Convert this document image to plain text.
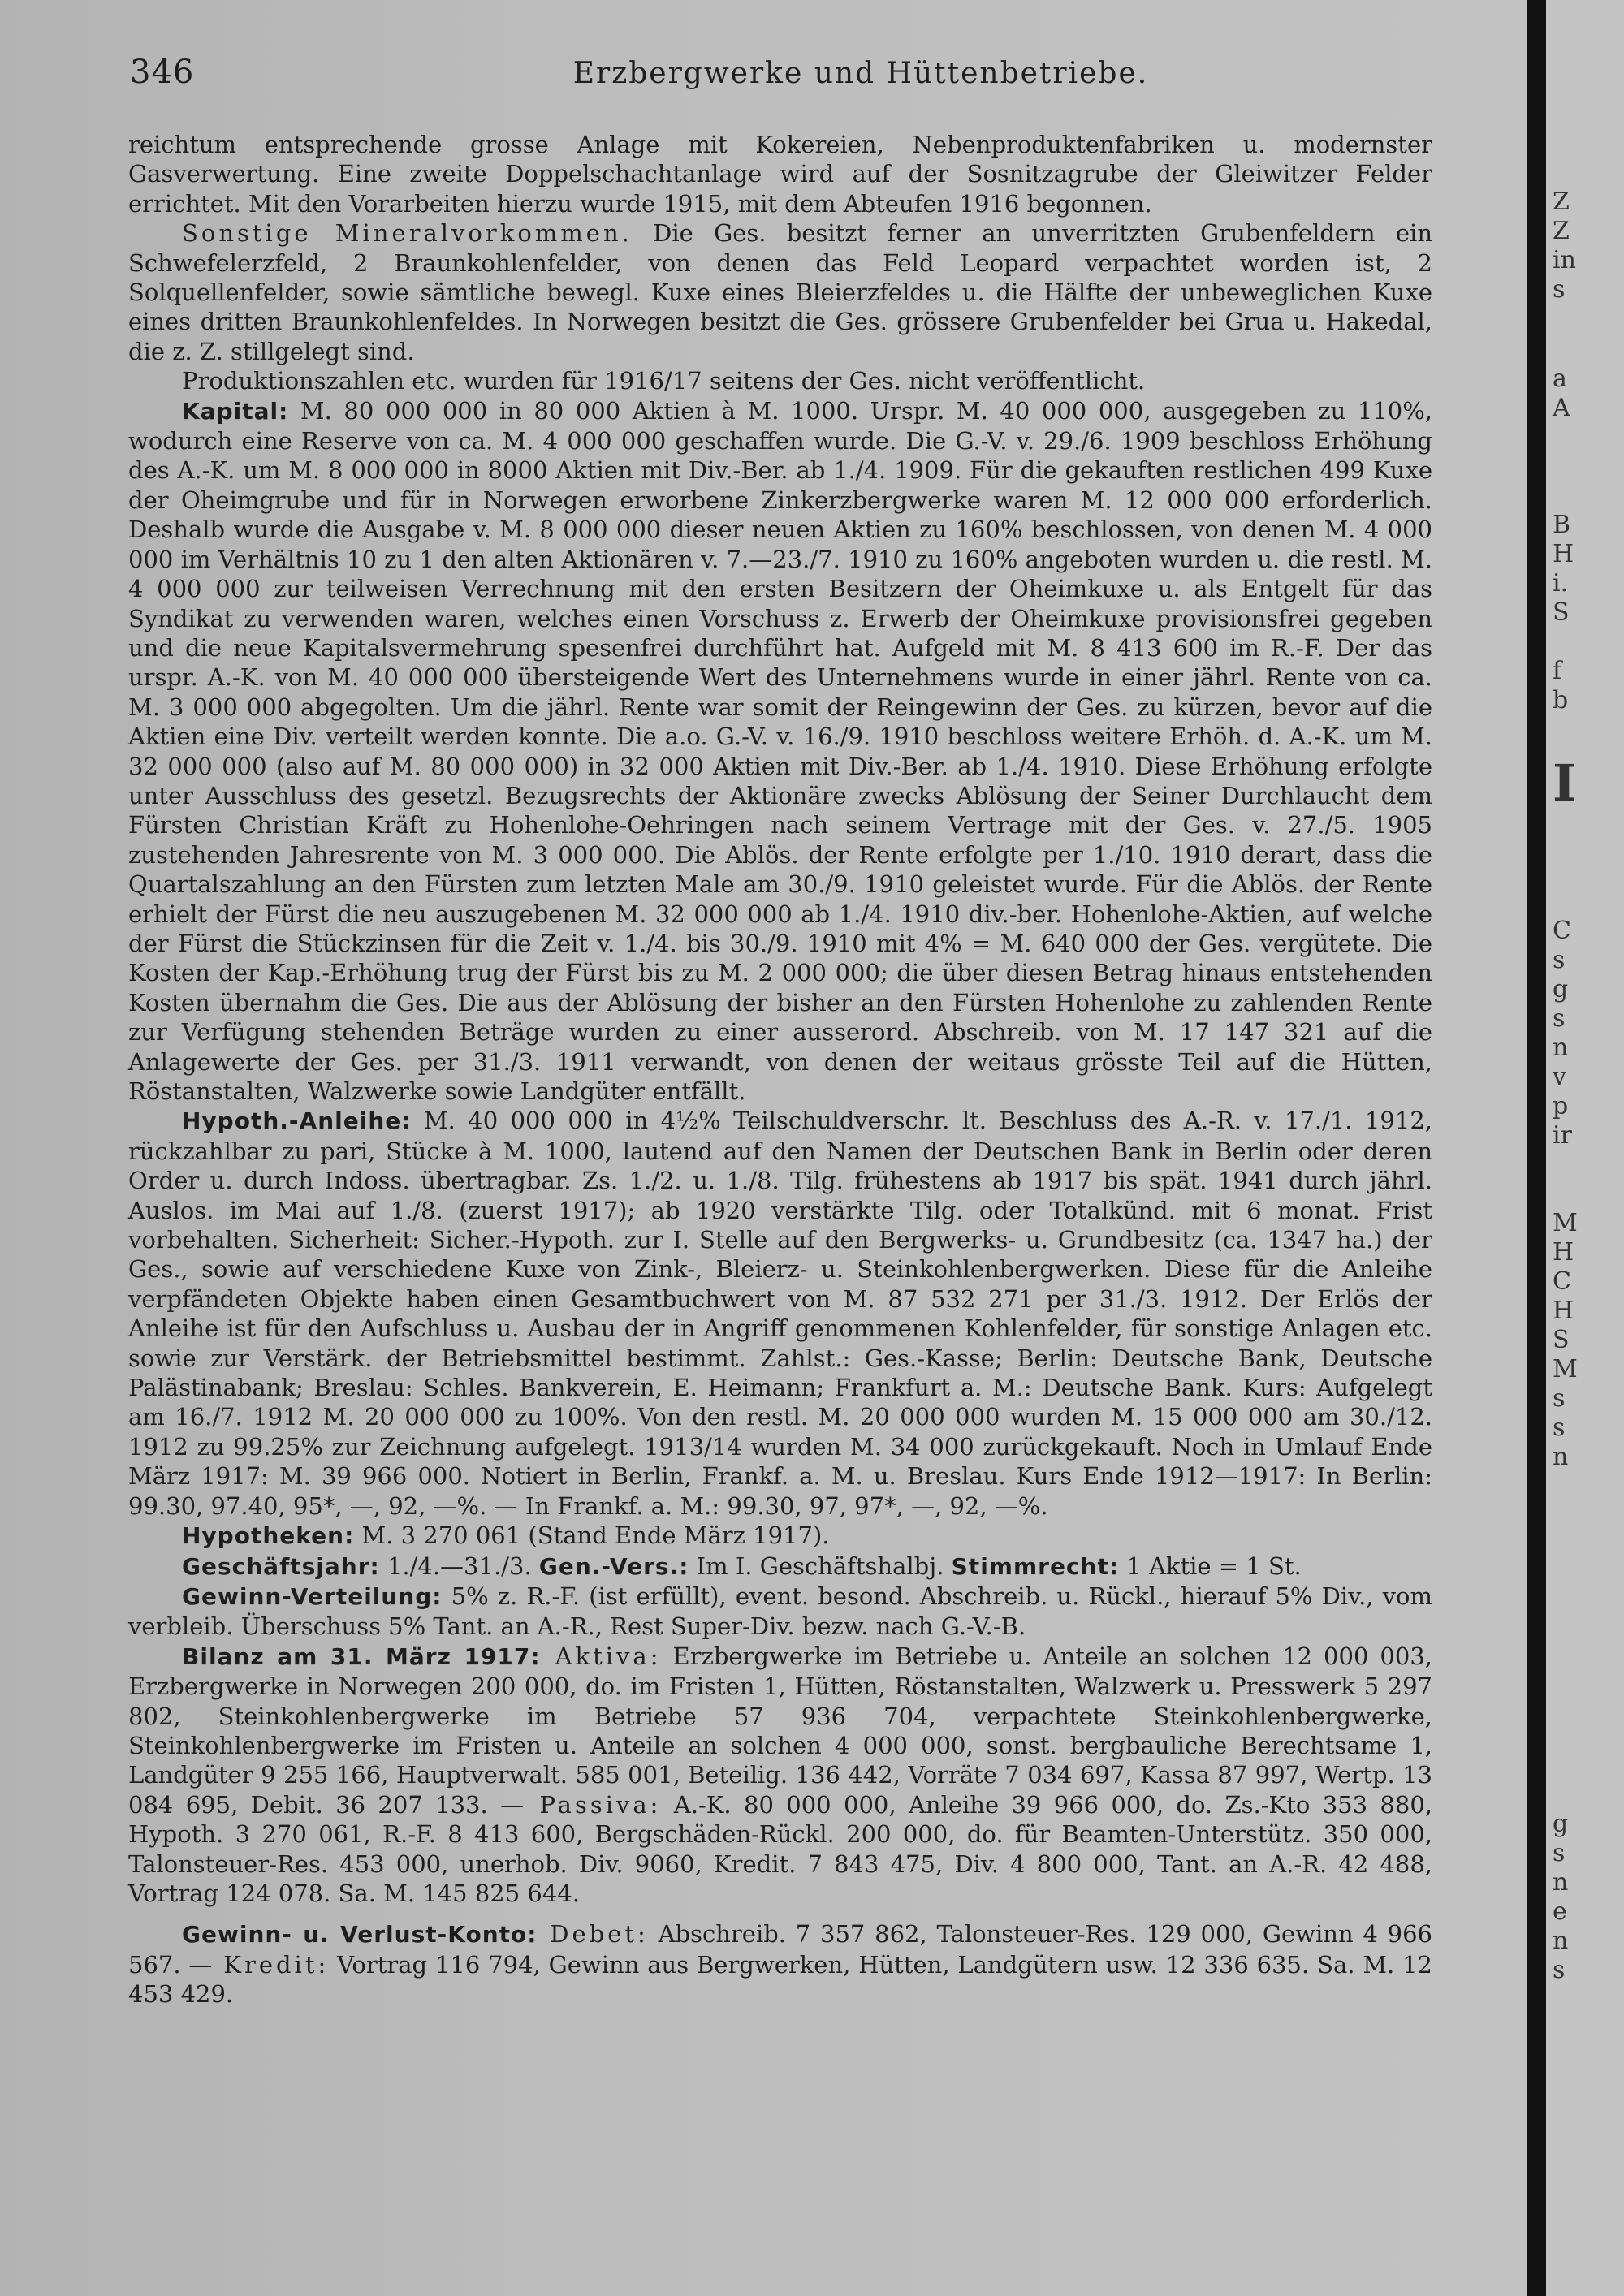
346	Erzbergwerke und Hüttenbetriebe.

reichtum entsprechende grosse Anlage mit Kokereien, Nebenproduktenfabriken u. modernster Gasverwertung. Eine zweite Doppelschachtanlage wird auf der Sosnitzagrube der Gleiwitzer Felder errichtet. Mit den Vorarbeiten hierzu wurde 1915, mit dem Abteufen 1916 begonnen.

Sonstige Mineralvorkommen. Die Ges. besitzt ferner an unverritzten Grubenfeldern ein Schwefelerzfeld, 2 Braunkohlenfelder, von denen das Feld Leopard verpachtet worden ist, 2 Solquellenfelder, sowie sämtliche bewegl. Kuxe eines Bleierzfeldes u. die Hälfte der unbeweglichen Kuxe eines dritten Braunkohlenfeldes. In Norwegen besitzt die Ges. grössere Grubenfelder bei Grua u. Hakedal, die z. Z. stillgelegt sind.

Produktionszahlen etc. wurden für 1916/17 seitens der Ges. nicht veröffentlicht.

Kapital: M. 80 000 000 in 80 000 Aktien à M. 1000. Urspr. M. 40 000 000, ausgegeben zu 110%, wodurch eine Reserve von ca. M. 4 000 000 geschaffen wurde. Die G.-V. v. 29./6. 1909 beschloss Erhöhung des A.-K. um M. 8 000 000 in 8000 Aktien mit Div.-Ber. ab 1./4. 1909. Für die gekauften restlichen 499 Kuxe der Oheimgrube und für in Norwegen erworbene Zinkerzbergwerke waren M. 12 000 000 erforderlich. Deshalb wurde die Ausgabe v. M. 8 000 000 dieser neuen Aktien zu 160% beschlossen, von denen M. 4 000 000 im Verhältnis 10 zu 1 den alten Aktionären v. 7.—23./7. 1910 zu 160% angeboten wurden u. die restl. M. 4 000 000 zur teilweisen Verrechnung mit den ersten Besitzern der Oheimkuxe u. als Entgelt für das Syndikat zu verwenden waren, welches einen Vorschuss z. Erwerb der Oheimkuxe provisionsfrei gegeben und die neue Kapitalsvermehrung spesenfrei durchführt hat. Aufgeld mit M. 8 413 600 im R.-F. Der das urspr. A.-K. von M. 40 000 000 übersteigende Wert des Unternehmens wurde in einer jährl. Rente von ca. M. 3 000 000 abgegolten. Um die jährl. Rente war somit der Reingewinn der Ges. zu kürzen, bevor auf die Aktien eine Div. verteilt werden konnte. Die a.o. G.-V. v. 16./9. 1910 beschloss weitere Erhöh. d. A.-K. um M. 32 000 000 (also auf M. 80 000 000) in 32 000 Aktien mit Div.-Ber. ab 1./4. 1910. Diese Erhöhung erfolgte unter Ausschluss des gesetzl. Bezugsrechts der Aktionäre zwecks Ablösung der Seiner Durchlaucht dem Fürsten Christian Kräft zu Hohenlohe-Oehringen nach seinem Vertrage mit der Ges. v. 27./5. 1905 zustehenden Jahresrente von M. 3 000 000. Die Ablös. der Rente erfolgte per 1./10. 1910 derart, dass die Quartalszahlung an den Fürsten zum letzten Male am 30./9. 1910 geleistet wurde. Für die Ablös. der Rente erhielt der Fürst die neu auszugebenen M. 32 000 000 ab 1./4. 1910 div.-ber. Hohenlohe-Aktien, auf welche der Fürst die Stückzinsen für die Zeit v. 1./4. bis 30./9. 1910 mit 4% = M. 640 000 der Ges. vergütete. Die Kosten der Kap.-Erhöhung trug der Fürst bis zu M. 2 000 000; die über diesen Betrag hinaus entstehenden Kosten übernahm die Ges. Die aus der Ablösung der bisher an den Fürsten Hohenlohe zu zahlenden Rente zur Verfügung stehenden Beträge wurden zu einer ausserord. Abschreib. von M. 17 147 321 auf die Anlagewerte der Ges. per 31./3. 1911 verwandt, von denen der weitaus grösste Teil auf die Hütten, Röstanstalten, Walzwerke sowie Landgüter entfällt.

Hypoth.-Anleihe: M. 40 000 000 in 4½% Teilschuldverschr. lt. Beschluss des A.-R. v. 17./1. 1912, rückzahlbar zu pari, Stücke à M. 1000, lautend auf den Namen der Deutschen Bank in Berlin oder deren Order u. durch Indoss. übertragbar. Zs. 1./2. u. 1./8. Tilg. frühestens ab 1917 bis spät. 1941 durch jährl. Auslos. im Mai auf 1./8. (zuerst 1917); ab 1920 verstärkte Tilg. oder Totalkünd. mit 6 monat. Frist vorbehalten. Sicherheit: Sicher.-Hypoth. zur I. Stelle auf den Bergwerks- u. Grundbesitz (ca. 1347 ha.) der Ges., sowie auf verschiedene Kuxe von Zink-, Bleierz- u. Steinkohlenbergwerken. Diese für die Anleihe verpfändeten Objekte haben einen Gesamtbuchwert von M. 87 532 271 per 31./3. 1912. Der Erlös der Anleihe ist für den Aufschluss u. Ausbau der in Angriff genommenen Kohlenfelder, für sonstige Anlagen etc. sowie zur Verstärk. der Betriebsmittel bestimmt. Zahlst.: Ges.-Kasse; Berlin: Deutsche Bank, Deutsche Palästinabank; Breslau: Schles. Bankverein, E. Heimann; Frankfurt a. M.: Deutsche Bank. Kurs: Aufgelegt am 16./7. 1912 M. 20 000 000 zu 100%. Von den restl. M. 20 000 000 wurden M. 15 000 000 am 30./12. 1912 zu 99.25% zur Zeichnung aufgelegt. 1913/14 wurden M. 34 000 zurückgekauft. Noch in Umlauf Ende März 1917: M. 39 966 000. Notiert in Berlin, Frankf. a. M. u. Breslau. Kurs Ende 1912—1917: In Berlin: 99.30, 97.40, 95*, —, 92, —%. — In Frankf. a. M.: 99.30, 97, 97*, —, 92, —%.

Hypotheken: M. 3 270 061 (Stand Ende März 1917).

Geschäftsjahr: 1./4.—31./3. Gen.-Vers.: Im I. Geschäftshalbj. Stimmrecht: 1 Aktie = 1 St.

Gewinn-Verteilung: 5% z. R.-F. (ist erfüllt), event. besond. Abschreib. u. Rückl., hierauf 5% Div., vom verbleib. Überschuss 5% Tant. an A.-R., Rest Super-Div. bezw. nach G.-V.-B.

Bilanz am 31. März 1917: Aktiva: Erzbergwerke im Betriebe u. Anteile an solchen 12 000 003, Erzbergwerke in Norwegen 200 000, do. im Fristen 1, Hütten, Röstanstalten, Walzwerk u. Presswerk 5 297 802, Steinkohlenbergwerke im Betriebe 57 936 704, verpachtete Steinkohlenbergwerke, Steinkohlenbergwerke im Fristen u. Anteile an solchen 4 000 000, sonst. bergbauliche Berechtsame 1, Landgüter 9 255 166, Hauptverwalt. 585 001, Beteilig. 136 442, Vorräte 7 034 697, Kassa 87 997, Wertp. 13 084 695, Debit. 36 207 133. — Passiva: A.-K. 80 000 000, Anleihe 39 966 000, do. Zs.-Kto 353 880, Hypoth. 3 270 061, R.-F. 8 413 600, Bergschäden-Rückl. 200 000, do. für Beamten-Unterstütz. 350 000, Talonsteuer-Res. 453 000, unerhob. Div. 9060, Kredit. 7 843 475, Div. 4 800 000, Tant. an A.-R. 42 488, Vortrag 124 078. Sa. M. 145 825 644.

Gewinn- u. Verlust-Konto: Debet: Abschreib. 7 357 862, Talonsteuer-Res. 129 000, Gewinn 4 966 567. — Kredit: Vortrag 116 794, Gewinn aus Bergwerken, Hütten, Landgütern usw. 12 336 635. Sa. M. 12 453 429.

Z
Z
in
s
a
A
B
H
i.
S
f
b
I
C
s
g
s
n
v
p
ir
M
H
C
H
S
M
s
s
n
g
s
n
e
n
s
